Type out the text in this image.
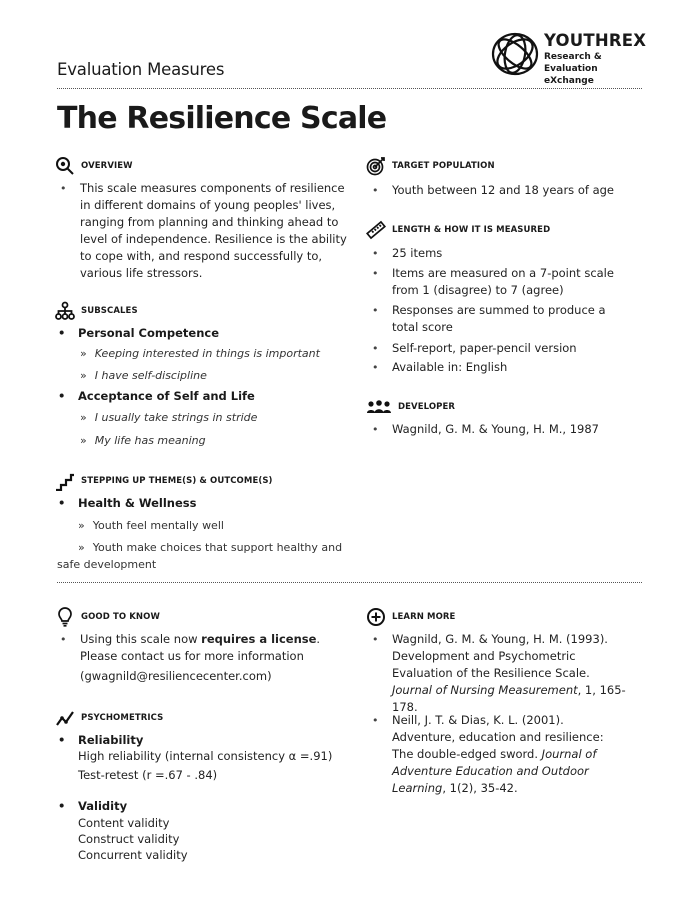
Evaluation Measures
YOUTHREX
Research &
Evaluation eXchange
The Resilience Scale
OVERVIEW
•	This scale measures components of resilience in different domains of young peoples' lives, ranging from planning and thinking ahead to level of independence. Resilience is the ability to cope with, and respond successfully to, various life stressors.
SUBSCALES
• Personal Competence
» Keeping interested in things is important
» I have self-discipline
• Acceptance of Self and Life
» I usually take strings in stride
» My life has meaning
STEPPING UP THEME(S) & OUTCOME(S)
• Health & Wellness
» Youth feel mentally well
» Youth make choices that support healthy and
safe development
TARGET POPULATION
•	Youth between 12 and 18 years of age
LENGTH & HOW IT IS MEASURED
•	25 items
•	Items are measured on a 7-point scale from 1 (disagree) to 7 (agree)
•	Responses are summed to produce a total score
•	Self-report, paper-pencil version
•	Available in: English
DEVELOPER
•	Wagnild, G. M. & Young, H. M., 1987
GOOD TO KNOW
•	Using this scale now requires a license. Please contact us for more information
(gwagnild@resiliencecenter.com)
PSYCHOMETRICS
• Reliability
High reliability (internal consistency α =.91)
Test-retest (r =.67 - .84)
• Validity
Content validity
Construct validity
Concurrent validity
LEARN MORE
•	Wagnild, G. M. & Young, H. M. (1993). Development and Psychometric Evaluation of the Resilience Scale. Journal of Nursing Measurement, 1, 165-178.
•	Neill, J. T. & Dias, K. L. (2001). Adventure, education and resilience: The double-edged sword. Journal of Adventure Education and Outdoor Learning, 1(2), 35-42.
